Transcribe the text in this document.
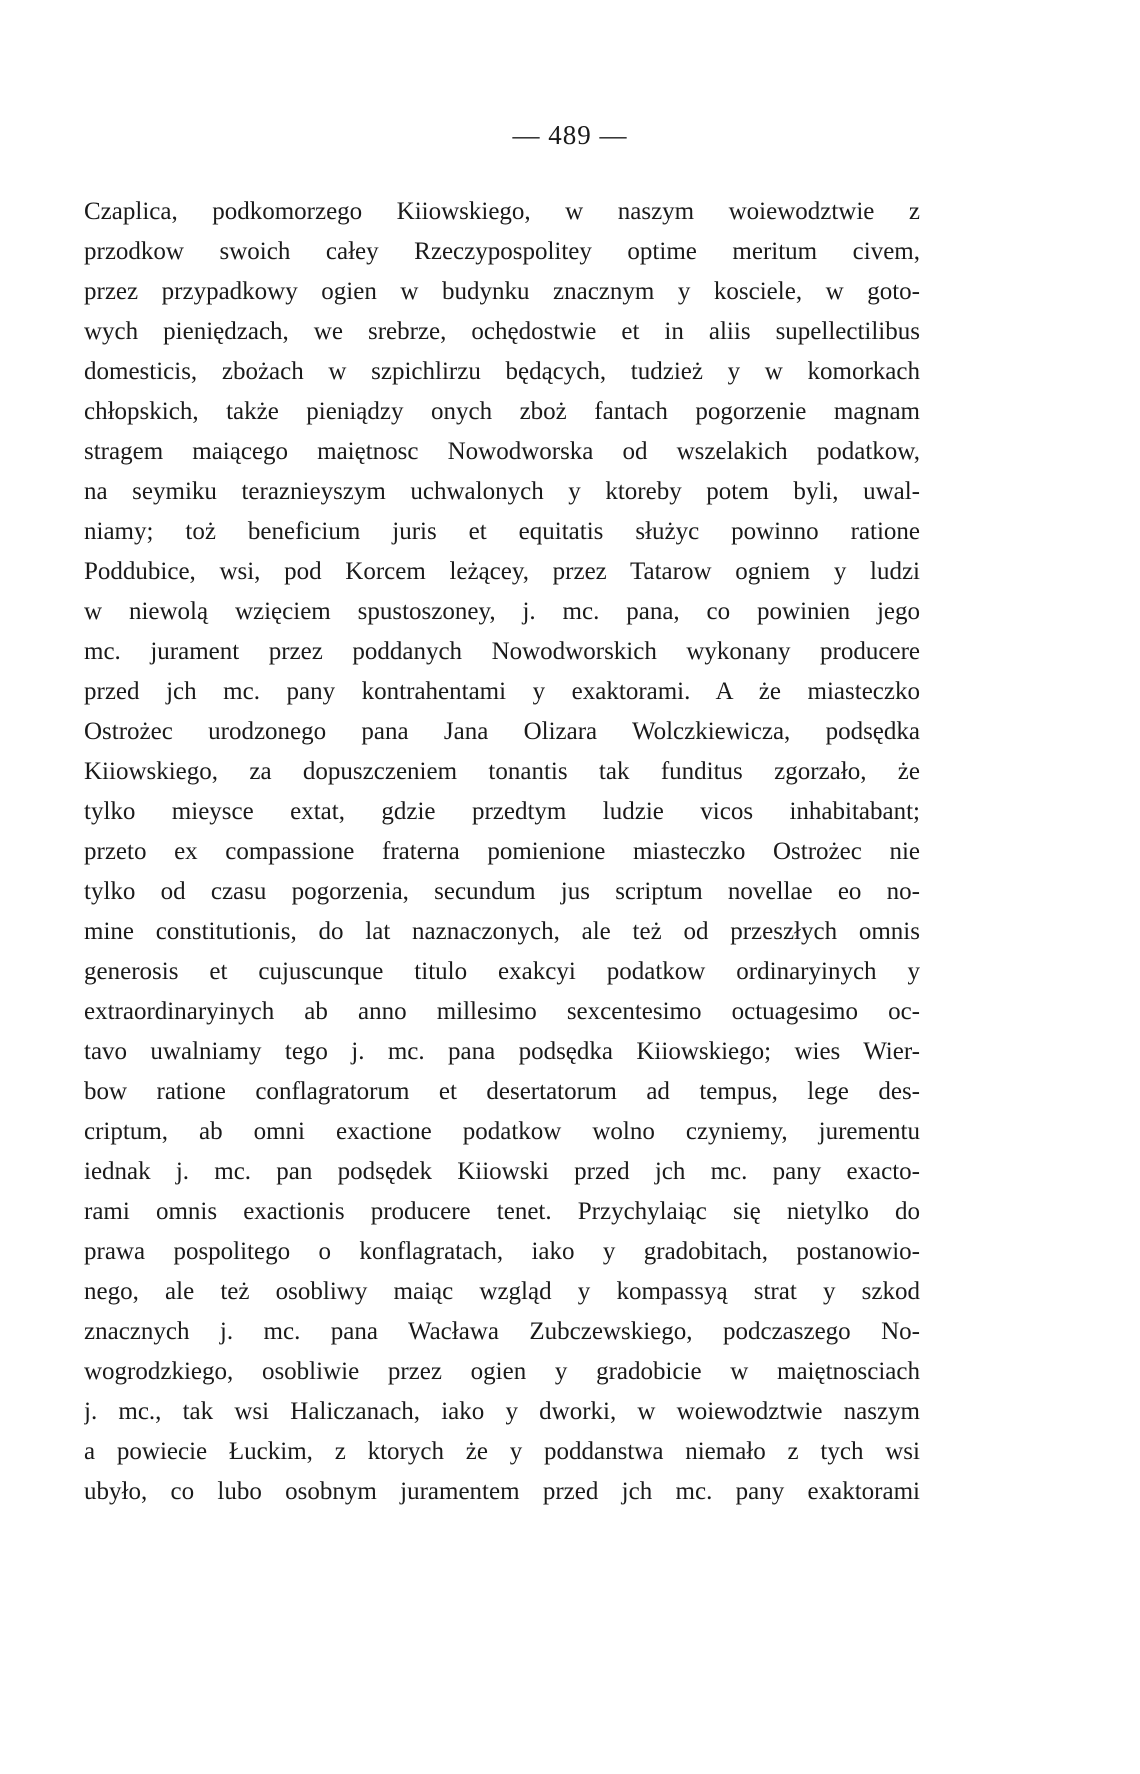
— 489 —
Czaplica, podkomorzego Kiiowskiego, w naszym woiewodztwie z
przodkow swoich całey Rzeczypospolitey optime meritum civem,
przez przypadkowy ogien w budynku znacznym y kosciele, w goto-
wych pieniędzach, we srebrze, ochędostwie et in aliis supellectilibus
domesticis, zbożach w szpichlirzu będących, tudzież y w komorkach
chłopskich, także pieniądzy onych zboż fantach pogorzenie magnam
stragem maiącego maiętnosc Nowodworska od wszelakich podatkow,
na seymiku teraznieyszym uchwalonych y ktoreby potem byli, uwal-
niamy; toż beneficium juris et equitatis służyc powinno ratione
Poddubice, wsi, pod Korcem leżącey, przez Tatarow ogniem y ludzi
w niewolą wzięciem spustoszoney, j. mc. pana, co powinien jego
mc. jurament przez poddanych Nowodworskich wykonany producere
przed jch mc. pany kontrahentami y exaktorami. A że miasteczko
Ostrożec urodzonego pana Jana Olizara Wolczkiewicza, podsędka
Kiiowskiego, za dopuszczeniem tonantis tak funditus zgorzało, że
tylko mieysce extat, gdzie przedtym ludzie vicos inhabitabant;
przeto ex compassione fraterna pomienione miasteczko Ostrożec nie
tylko od czasu pogorzenia, secundum jus scriptum novellae eo no-
mine constitutionis, do lat naznaczonych, ale też od przeszłych omnis
generosis et cujuscunque titulo exakcyi podatkow ordinaryinych y
extraordinaryinych ab anno millesimo sexcentesimo octuagesimo oc-
tavo uwalniamy tego j. mc. pana podsędka Kiiowskiego; wies Wier-
bow ratione conflagratorum et desertatorum ad tempus, lege des-
criptum, ab omni exactione podatkow wolno czyniemy, jurementu
iednak j. mc. pan podsędek Kiiowski przed jch mc. pany exacto-
rami omnis exactionis producere tenet. Przychylaiąc się nietylko do
prawa pospolitego o konflagratach, iako y gradobitach, postanowio-
nego, ale też osobliwy maiąc wzgląd y kompassyą strat y szkod
znacznych j. mc. pana Wacława Zubczewskiego, podczaszego No-
wogrodzkiego, osobliwie przez ogien y gradobicie w maiętnosciach
j. mc., tak wsi Haliczanach, iako y dworki, w woiewodztwie naszym
a powiecie Łuckim, z ktorych że y poddanstwa niemało z tych wsi
ubyło, co lubo osobnym juramentem przed jch mc. pany exaktorami
